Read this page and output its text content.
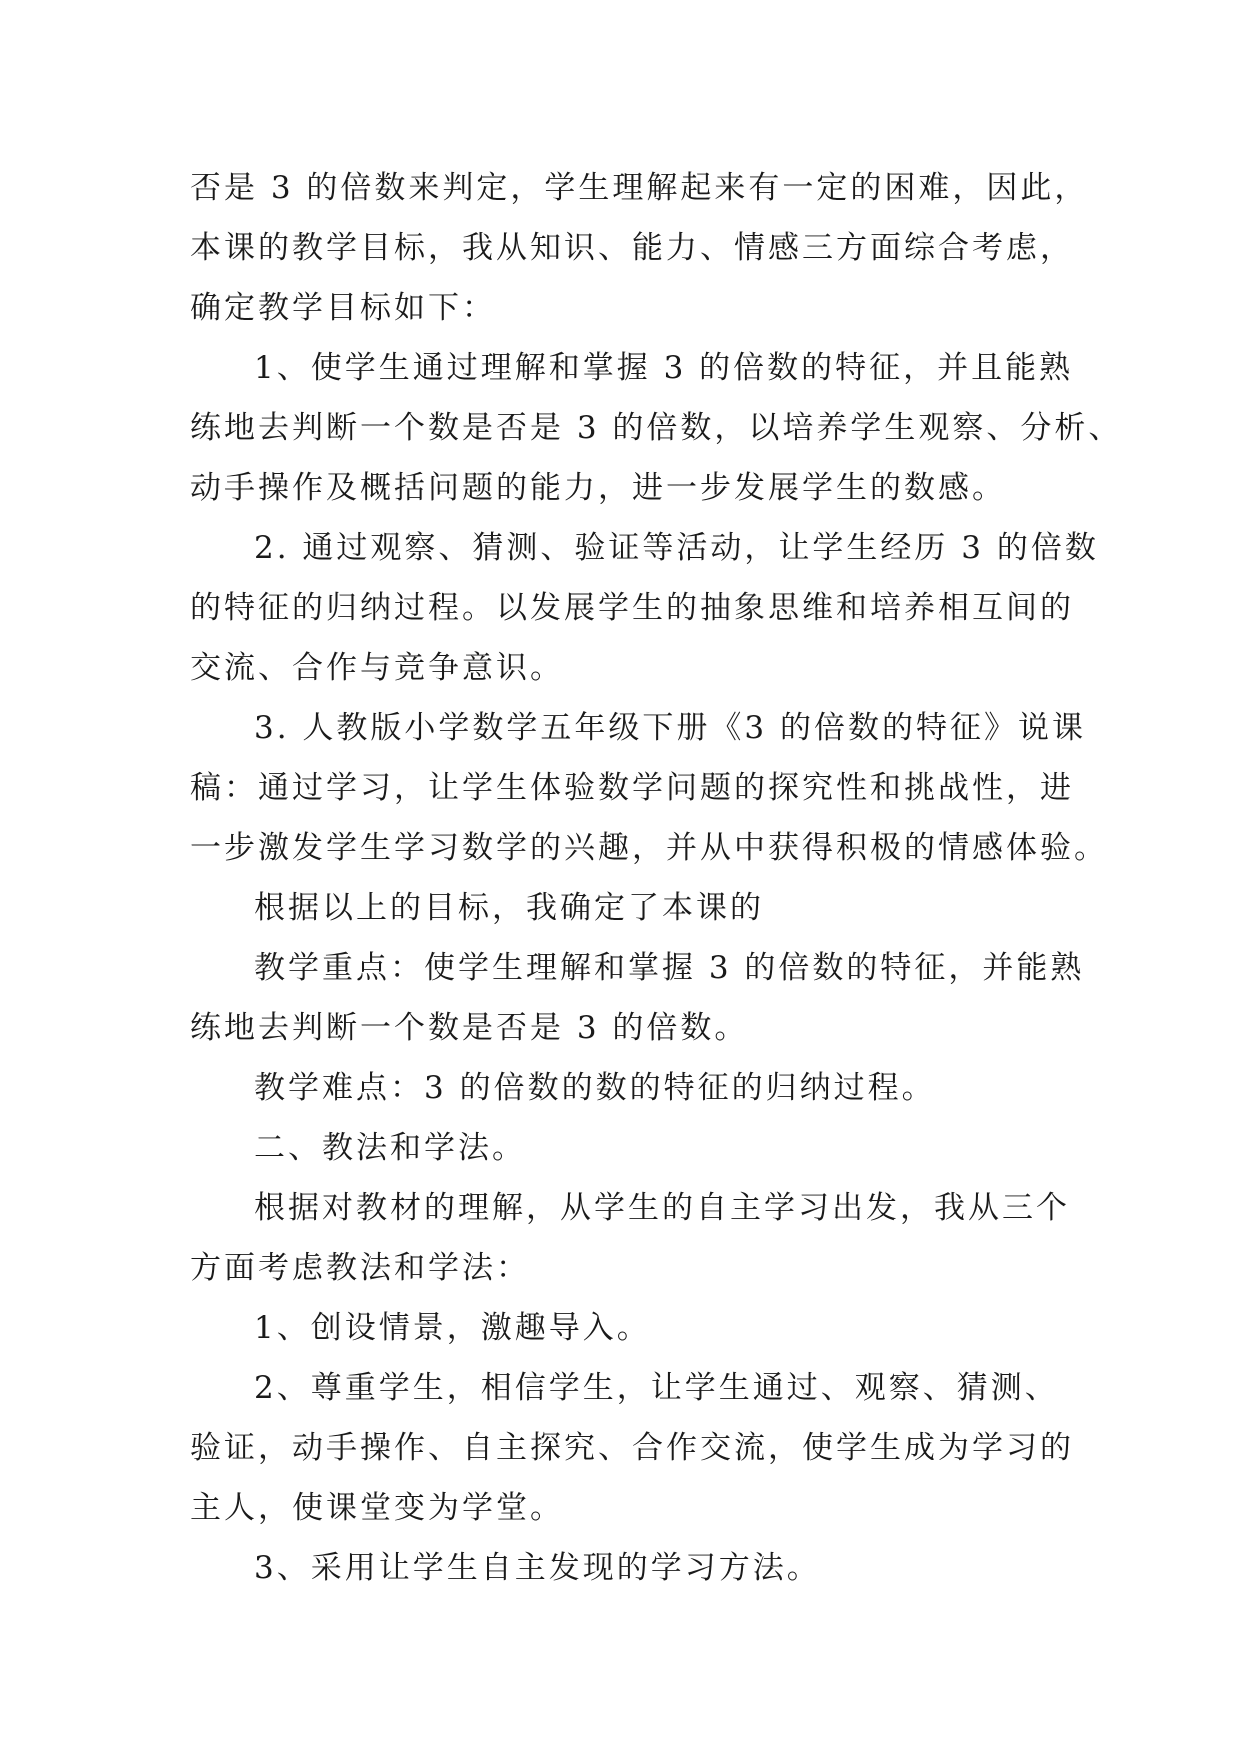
否是 3 的倍数来判定，学生理解起来有一定的困难，因此，
本课的教学目标，我从知识、能力、情感三方面综合考虑，
确定教学目标如下：

1、使学生通过理解和掌握 3 的倍数的特征，并且能熟
练地去判断一个数是否是 3 的倍数，以培养学生观察、分析、
动手操作及概括问题的能力，进一步发展学生的数感。

2. 通过观察、猜测、验证等活动，让学生经历 3 的倍数
的特征的归纳过程。以发展学生的抽象思维和培养相互间的
交流、合作与竞争意识。

3. 人教版小学数学五年级下册《3 的倍数的特征》说课
稿：通过学习，让学生体验数学问题的探究性和挑战性，进
一步激发学生学习数学的兴趣，并从中获得积极的情感体验。

根据以上的目标，我确定了本课的

教学重点：使学生理解和掌握 3 的倍数的特征，并能熟
练地去判断一个数是否是 3 的倍数。

教学难点：3 的倍数的数的特征的归纳过程。

二、教法和学法。

根据对教材的理解，从学生的自主学习出发，我从三个
方面考虑教法和学法：

1、创设情景，激趣导入。

2、尊重学生，相信学生，让学生通过、观察、猜测、
验证，动手操作、自主探究、合作交流，使学生成为学习的
主人，使课堂变为学堂。

3、采用让学生自主发现的学习方法。
